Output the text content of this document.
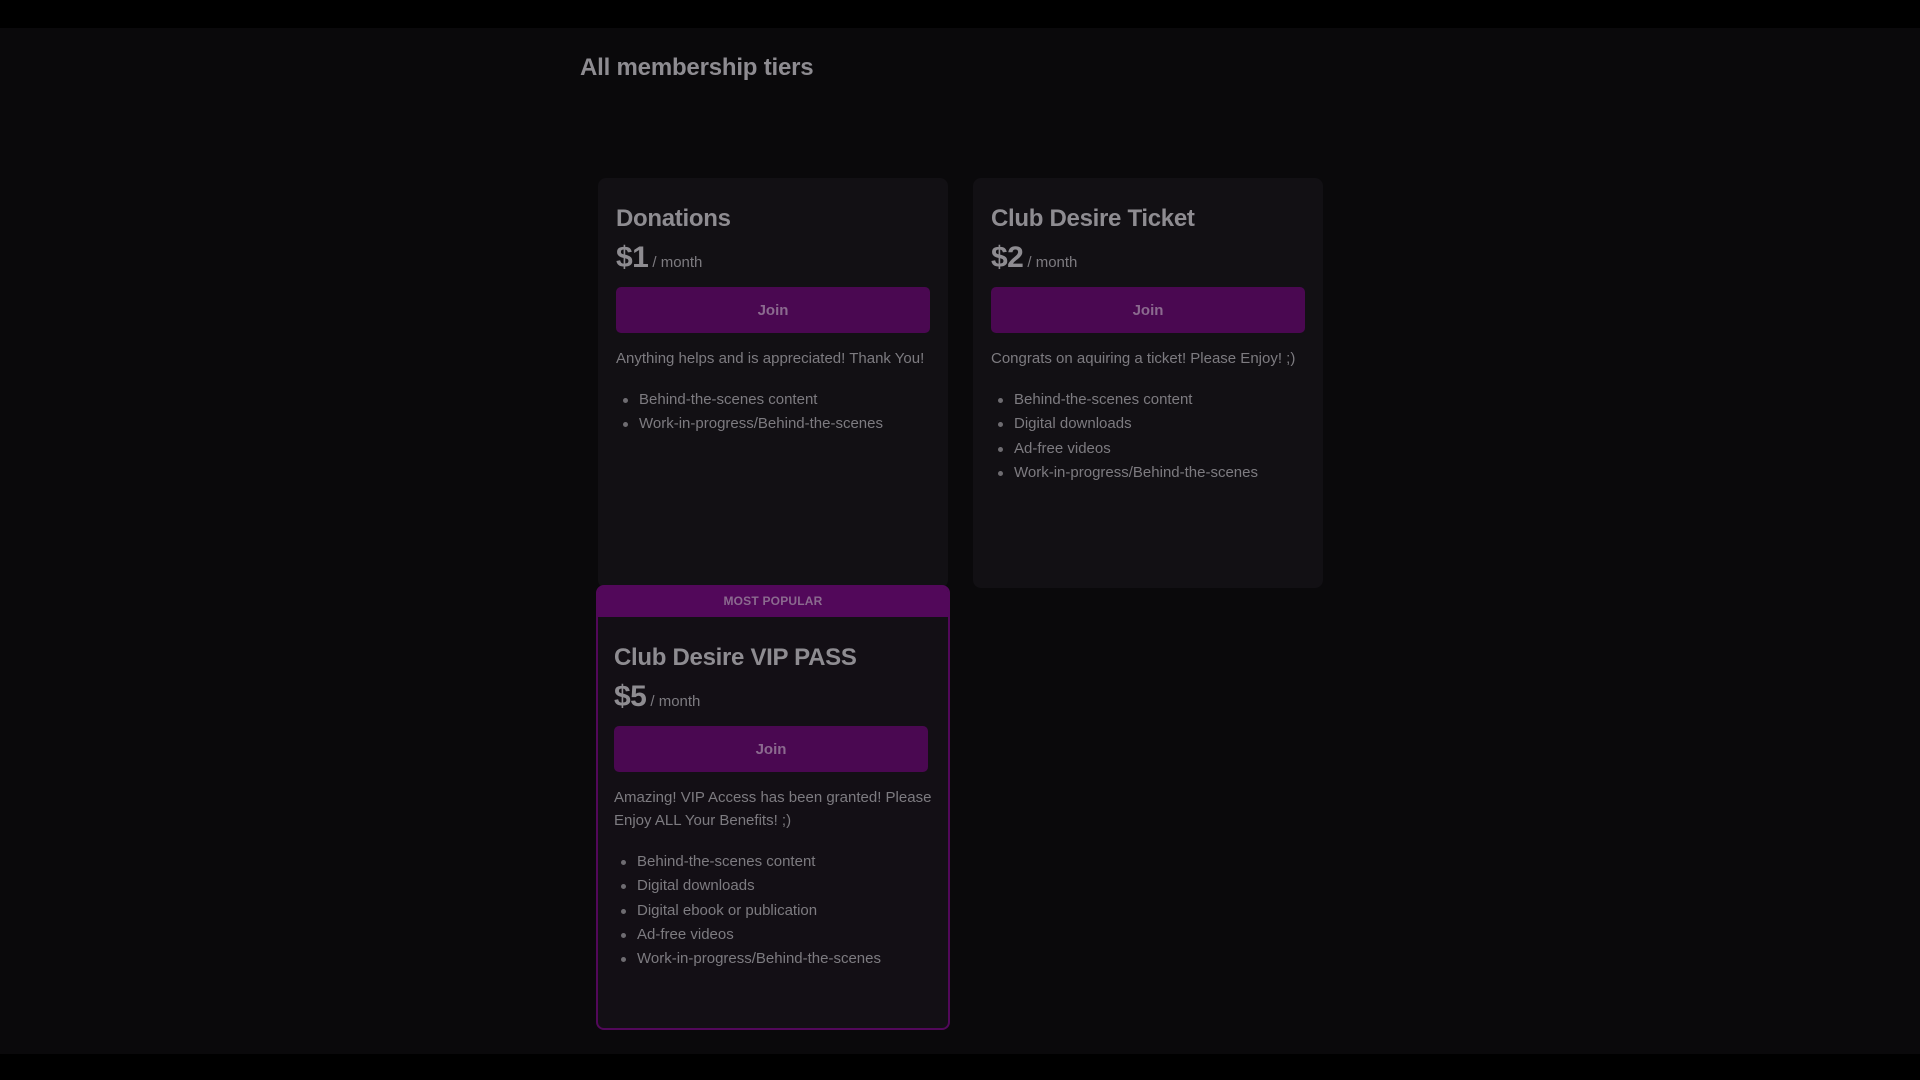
All membership tiers
Donations
$1 / month
Join

Anything helps and is appreciated! Thank You!

Behind-the-scenes content
Work-in-progress/Behind-the-scenes
Club Desire Ticket
$2 / month
Join

Congrats on aquiring a ticket! Please Enjoy! ;)

Behind-the-scenes content
Digital downloads
Ad-free videos
Work-in-progress/Behind-the-scenes
MOST POPULAR
Club Desire VIP PASS
$5 / month
Join

Amazing! VIP Access has been granted! Please Enjoy ALL Your Benefits! ;)

Behind-the-scenes content
Digital downloads
Digital ebook or publication
Ad-free videos
Work-in-progress/Behind-the-scenes
